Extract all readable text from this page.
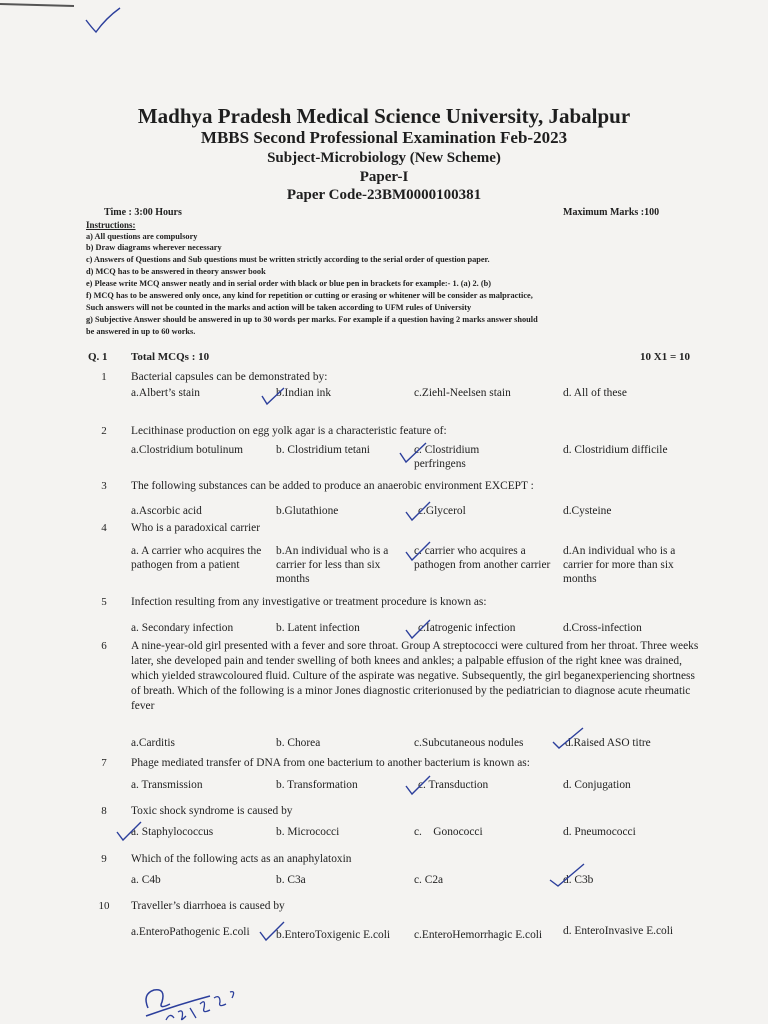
Madhya Pradesh Medical Science University, Jabalpur
MBBS Second Professional Examination Feb-2023
Subject-Microbiology (New Scheme)
Paper-I
Paper Code-23BM0000100381
Time : 3:00 Hours	Maximum Marks :100
Instructions:
a) All questions are compulsory
b) Draw diagrams wherever necessary
c) Answers of Questions and Sub questions must be written strictly according to the serial order of question paper.
d) MCQ has to be answered in theory answer book
e) Please write MCQ answer neatly and in serial order with black or blue pen in brackets for example:- 1. (a) 2. (b)
f) MCQ has to be answered only once, any kind for repetition or cutting or erasing or whitener will be consider as malpractice,
Such answers will not be counted in the marks and action will be taken according to UFM rules of University
g) Subjective Answer should be answered in up to 30 words per marks. For example if a question having 2 marks answer should
be answered in up to 60 works.
Q. 1 Total MCQs : 10	10 X1 = 10
1	Bacterial capsules can be demonstrated by:
a.Albert’s stain	b.Indian ink	c.Ziehl-Neelsen stain	d. All of these
2	Lecithinase production on egg yolk agar is a characteristic feature of:
a.Clostridium botulinum	b. Clostridium tetani	c. Clostridium perfringens
d. Clostridium difficile
3	The following substances can be added to produce an anaerobic environment EXCEPT :
a.Ascorbic acid	b.Glutathione	c.Glycerol	d.Cysteine
4	Who is a paradoxical carrier
a. A carrier who acquires the pathogen from a patient
b.An individual who is a carrier for less than six months
c. carrier who acquires a pathogen from another carrier
d.An individual who is a carrier for more than six months
5	Infection resulting from any investigative or treatment procedure is known as:
a. Secondary infection	b. Latent infection	c.Iatrogenic infection	d.Cross-infection
6	A nine-year-old girl presented with a fever and sore throat. Group A streptococci were cultured from her throat. Three weeks later, she developed pain and tender swelling of both knees and ankles; a palpable effusion of the right knee was drained, which yielded strawcoloured fluid. Culture of the aspirate was negative. Subsequently, the girl beganexperiencing shortness of breath. Which of the following is a minor Jones diagnostic criterionused by the pediatrician to diagnose acute rheumatic fever
a.Carditis	b. Chorea	c.Subcutaneous nodules	d.Raised ASO titre
7	Phage mediated transfer of DNA from one bacterium to another bacterium is known as:
a. Transmission	b. Transformation	c. Transduction	d. Conjugation
8	Toxic shock syndrome is caused by
a. Staphylococcus	b. Micrococci	c.    Gonococci	d. Pneumococci
9	Which of the following acts as an anaphylatoxin
a. C4b	b. C3a	c. C2a	d. C3b
10 Traveller’s diarrhoea is caused by
a.EnteroPathogenic E.coli	b.EnteroToxigenic E.coli	c.EnteroHemorrhagic E.coli d. EnteroInvasive E.coli
